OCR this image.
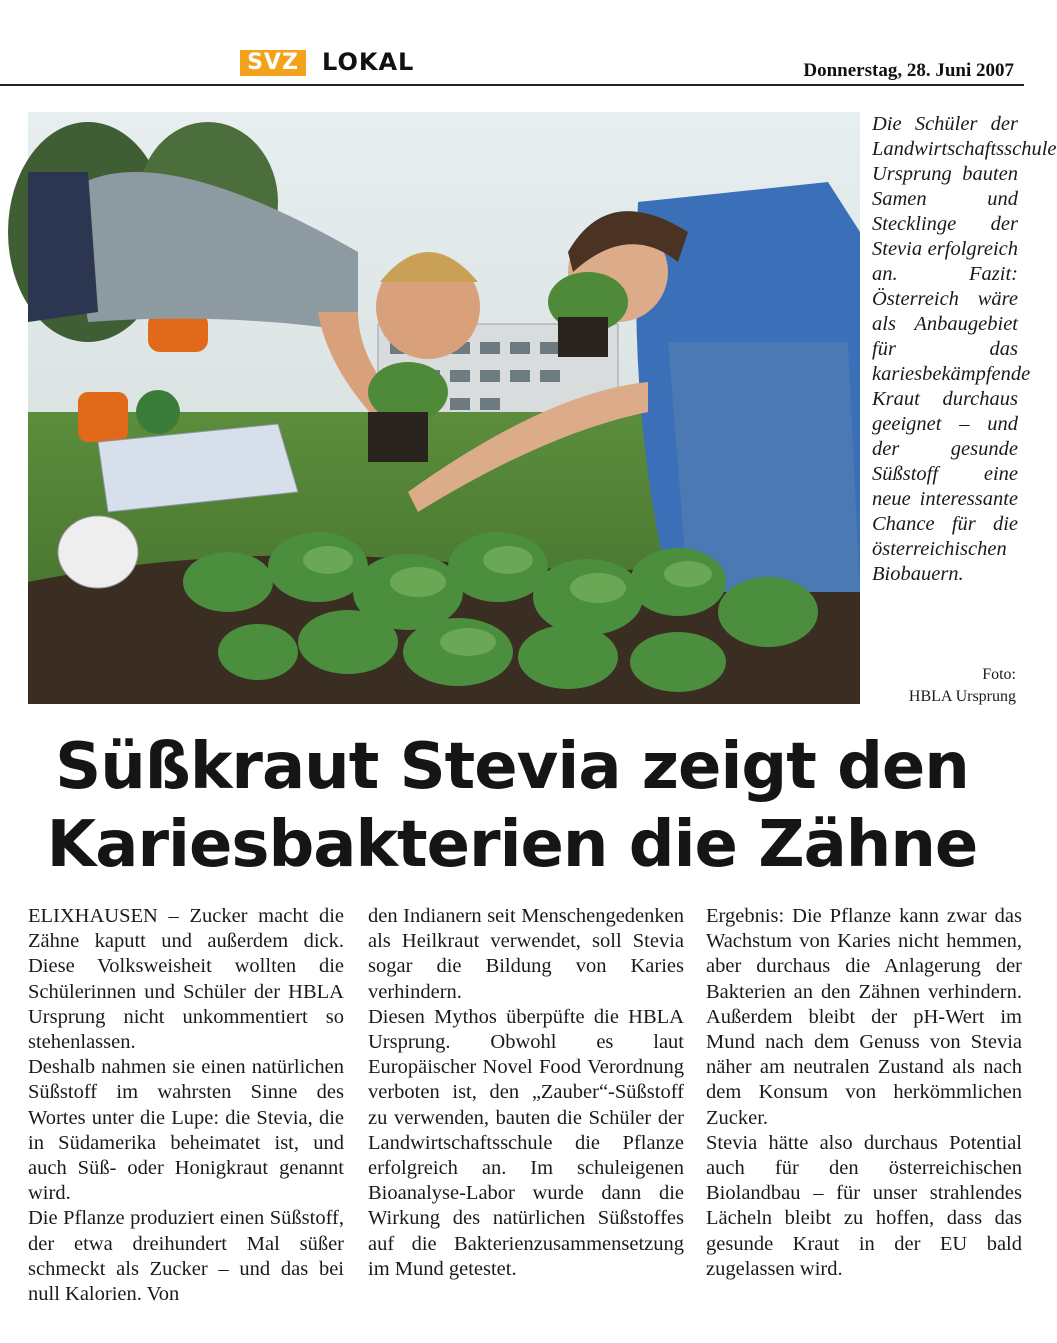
SVZ LOKAL	Donnerstag, 28. Juni 2007
Die Schüler der Landwirtschaftsschule Ursprung bauten Samen und Stecklinge der Stevia erfolgreich an. Fazit: Österreich wäre als Anbaugebiet für das kariesbekämpfende Kraut durchaus geeignet – und der gesunde Süßstoff eine neue interessante Chance für die österreichischen Biobauern.
Foto:
HBLA Ursprung
Süßkraut Stevia zeigt den
Kariesbakterien die Zähne

ELIXHAUSEN – Zucker macht die Zähne kaputt und außerdem dick. Diese Volksweisheit wollten die Schülerinnen und Schüler der HBLA Ursprung nicht unkommentiert so stehenlassen.

Deshalb nahmen sie einen natürlichen Süßstoff im wahrsten Sinne des Wortes unter die Lupe: die Stevia, die in Südamerika beheimatet ist, und auch Süß- oder Honigkraut genannt wird.

Die Pflanze produziert einen Süßstoff, der etwa dreihundert Mal süßer schmeckt als Zucker – und das bei null Kalorien. Von

den Indianern seit Menschengedenken als Heilkraut verwendet, soll Stevia sogar die Bildung von Karies verhindern.

Diesen Mythos überpüfte die HBLA Ursprung. Obwohl es laut Europäischer Novel Food Verordnung verboten ist, den „Zauber“-Süßstoff zu verwenden, bauten die Schüler der Landwirtschaftsschule die Pflanze erfolgreich an. Im schuleigenen Bioanalyse-Labor wurde dann die Wirkung des natürlichen Süßstoffes auf die Bakterienzusammensetzung im Mund getestet.

Ergebnis: Die Pflanze kann zwar das Wachstum von Karies nicht hemmen, aber durchaus die Anlagerung der Bakterien an den Zähnen verhindern. Außerdem bleibt der pH-Wert im Mund nach dem Genuss von Stevia näher am neutralen Zustand als nach dem Konsum von herkömmlichen Zucker.

Stevia hätte also durchaus Potential auch für den österreichischen Biolandbau – für unser strahlendes Lächeln bleibt zu hoffen, dass das gesunde Kraut in der EU bald zugelassen wird.
